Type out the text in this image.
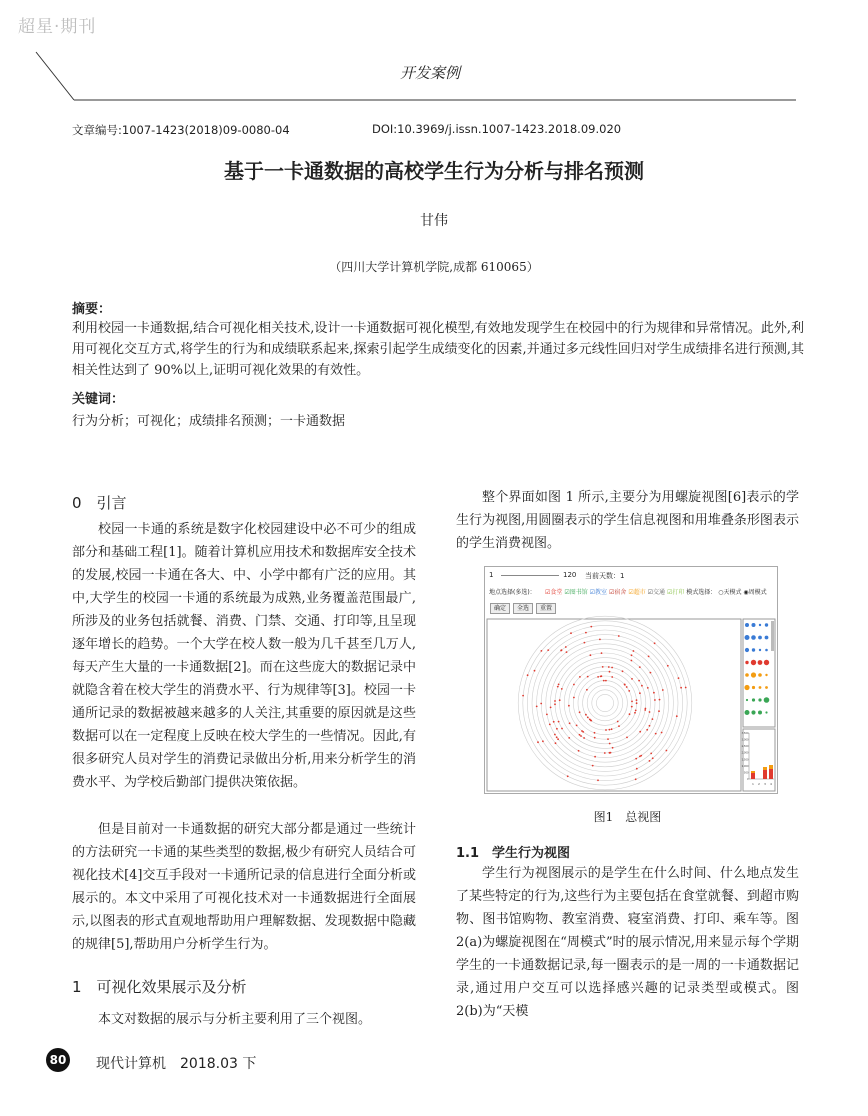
超星·期刊
开发案例
文章编号:1007-1423(2018)09-0080-04	DOI:10.3969/j.issn.1007-1423.2018.09.020
基于一卡通数据的高校学生行为分析与排名预测
甘伟
（四川大学计算机学院,成都 610065）
摘要：
利用校园一卡通数据,结合可视化相关技术,设计一卡通数据可视化模型,有效地发现学生在校园中的行为规律和异常情况。此外,利用可视化交互方式,将学生的行为和成绩联系起来,探索引起学生成绩变化的因素,并通过多元线性回归对学生成绩排名进行预测,其相关性达到了 90%以上,证明可视化效果的有效性。
关键词：
行为分析；可视化；成绩排名预测；一卡通数据
0　引言
校园一卡通的系统是数字化校园建设中必不可少的组成部分和基础工程[1]。随着计算机应用技术和数据库安全技术的发展,校园一卡通在各大、中、小学中都有广泛的应用。其中,大学生的校园一卡通的系统最为成熟,业务覆盖范围最广,所涉及的业务包括就餐、消费、门禁、交通、打印等,且呈现逐年增长的趋势。一个大学在校人数一般为几千甚至几万人,每天产生大量的一卡通数据[2]。而在这些庞大的数据记录中就隐含着在校大学生的消费水平、行为规律等[3]。校园一卡通所记录的数据被越来越多的人关注,其重要的原因就是这些数据可以在一定程度上反映在校大学生的一些情况。因此,有很多研究人员对学生的消费记录做出分析,用来分析学生的消费水平、为学校后勤部门提供决策依据。
但是目前对一卡通数据的研究大部分都是通过一些统计的方法研究一卡通的某些类型的数据,极少有研究人员结合可视化技术[4]交互手段对一卡通所记录的信息进行全面分析或展示的。本文中采用了可视化技术对一卡通数据进行全面展示,以图表的形式直观地帮助用户理解数据、发现数据中隐藏的规律[5],帮助用户分析学生行为。
1　可视化效果展示及分析
本文对数据的展示与分析主要利用了三个视图。
整个界面如图 1 所示,主要分为用螺旋视图[6]表示的学生行为视图,用圆圈表示的学生信息视图和用堆叠条形图表示的学生消费视图。
1	120 当前天数：1
地点选择(多选)： ☑食堂 ☑图书馆 ☑教室 ☑宿舍 ☑超市 ☑交通 ☑打印 模式选择： ○天模式 ◉周模式
确定	全选	重置
3,500
3,000
2,500
2,000
1,500
1,000
500
0
1 2 3 4
图1　总视图
1.1　学生行为视图
学生行为视图展示的是学生在什么时间、什么地点发生了某些特定的行为,这些行为主要包括在食堂就餐、到超市购物、图书馆购物、教室消费、寝室消费、打印、乘车等。图 2(a)为螺旋视图在“周模式”时的展示情况,用来显示每个学期学生的一卡通数据记录,每一圈表示的是一周的一卡通数据记录,通过用户交互可以选择感兴趣的记录类型或模式。图 2(b)为“天模
80 现代计算机　2018.03 下
